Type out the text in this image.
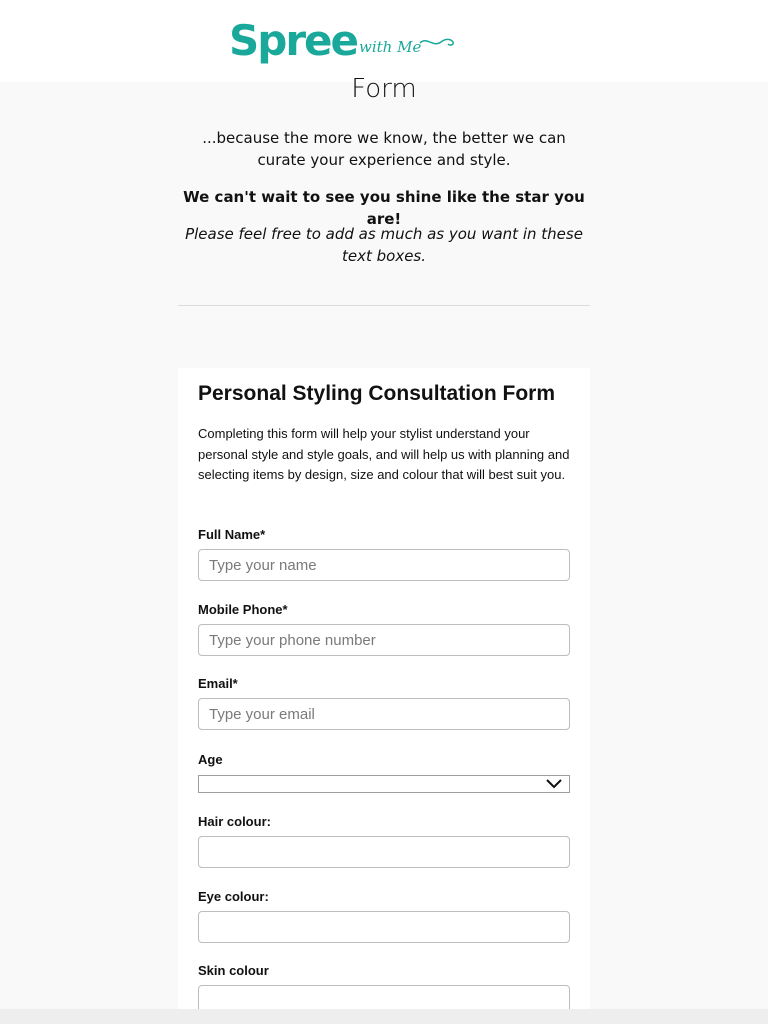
Spree with Me
Form
...because the more we know, the better we can curate your experience and style.
We can't wait to see you shine like the star you are!
Please feel free to add as much as you want in these text boxes.
Personal Styling Consultation Form
Completing this form will help your stylist understand your personal style and style goals, and will help us with planning and selecting items by design, size and colour that will best suit you.
Full Name*
Type your name
Mobile Phone*
Type your phone number
Email*
Type your email
Age
Hair colour:
Eye colour:
Skin colour
